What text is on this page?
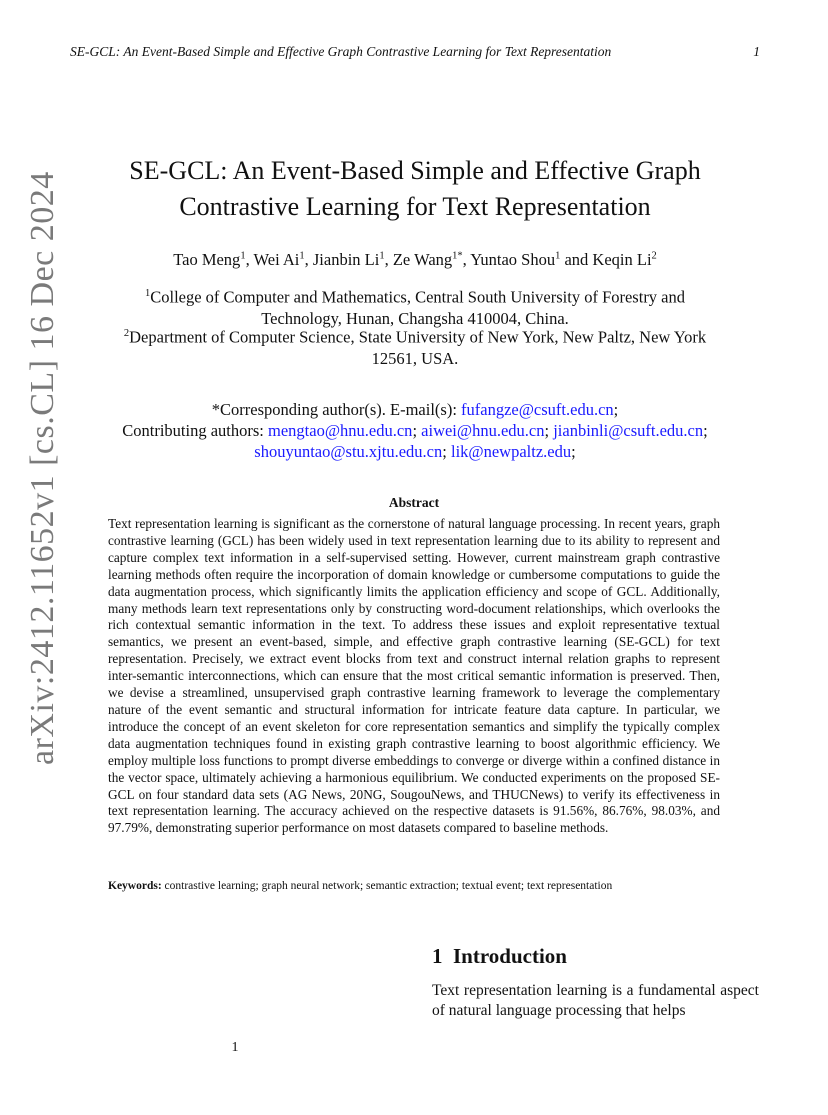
SE-GCL: An Event-Based Simple and Effective Graph Contrastive Learning for Text Representation	1
arXiv:2412.11652v1 [cs.CL] 16 Dec 2024
SE-GCL: An Event-Based Simple and Effective Graph
Contrastive Learning for Text Representation
Tao Meng$^1$, Wei Ai$^1$, Jianbin Li$^1$, Ze Wang$^{1*}$, Yuntao Shou$^1$ and Keqin Li$^2$
$^1$College of Computer and Mathematics, Central South University of Forestry and
Technology, Hunan, Changsha 410004, China.
$^2$Department of Computer Science, State University of New York, New Paltz, New York
12561, USA.
*Corresponding author(s). E-mail(s): fufangze@csuft.edu.cn;
Contributing authors: mengtao@hnu.edu.cn; aiwei@hnu.edu.cn; jianbinli@csuft.edu.cn;
shouyuntao@stu.xjtu.edu.cn; lik@newpaltz.edu;
Abstract
Text representation learning is significant as the cornerstone of natural language processing. In recent years, graph contrastive learning (GCL) has been widely used in text representation learning due to its ability to represent and capture complex text information in a self-supervised setting. However, current mainstream graph contrastive learning methods often require the incorporation of domain knowledge or cumbersome computations to guide the data augmentation process, which significantly limits the application efficiency and scope of GCL. Additionally, many methods learn text representations only by constructing word-document relationships, which overlooks the rich contextual semantic information in the text. To address these issues and exploit representative textual semantics, we present an event-based, simple, and effective graph contrastive learning (SE-GCL) for text representation. Precisely, we extract event blocks from text and construct internal relation graphs to represent inter-semantic interconnections, which can ensure that the most critical semantic information is preserved. Then, we devise a streamlined, unsupervised graph contrastive learning framework to leverage the complementary nature of the event semantic and structural information for intricate feature data capture. In particular, we introduce the concept of an event skeleton for core representation semantics and simplify the typically complex data augmentation techniques found in existing graph contrastive learning to boost algorithmic efficiency. We employ multiple loss functions to prompt diverse embeddings to converge or diverge within a confined distance in the vector space, ultimately achieving a harmonious equilibrium. We conducted experiments on the proposed SE-GCL on four standard data sets (AG News, 20NG, SougouNews, and THUCNews) to verify its effectiveness in text representation learning. The accuracy achieved on the respective datasets is 91.56%, 86.76%, 98.03%, and 97.79%, demonstrating superior performance on most datasets compared to baseline methods.
Keywords: contrastive learning; graph neural network; semantic extraction; textual event; text representation
1  Introduction
Text representation learning is a fundamental aspect of natural language processing that helps
1
